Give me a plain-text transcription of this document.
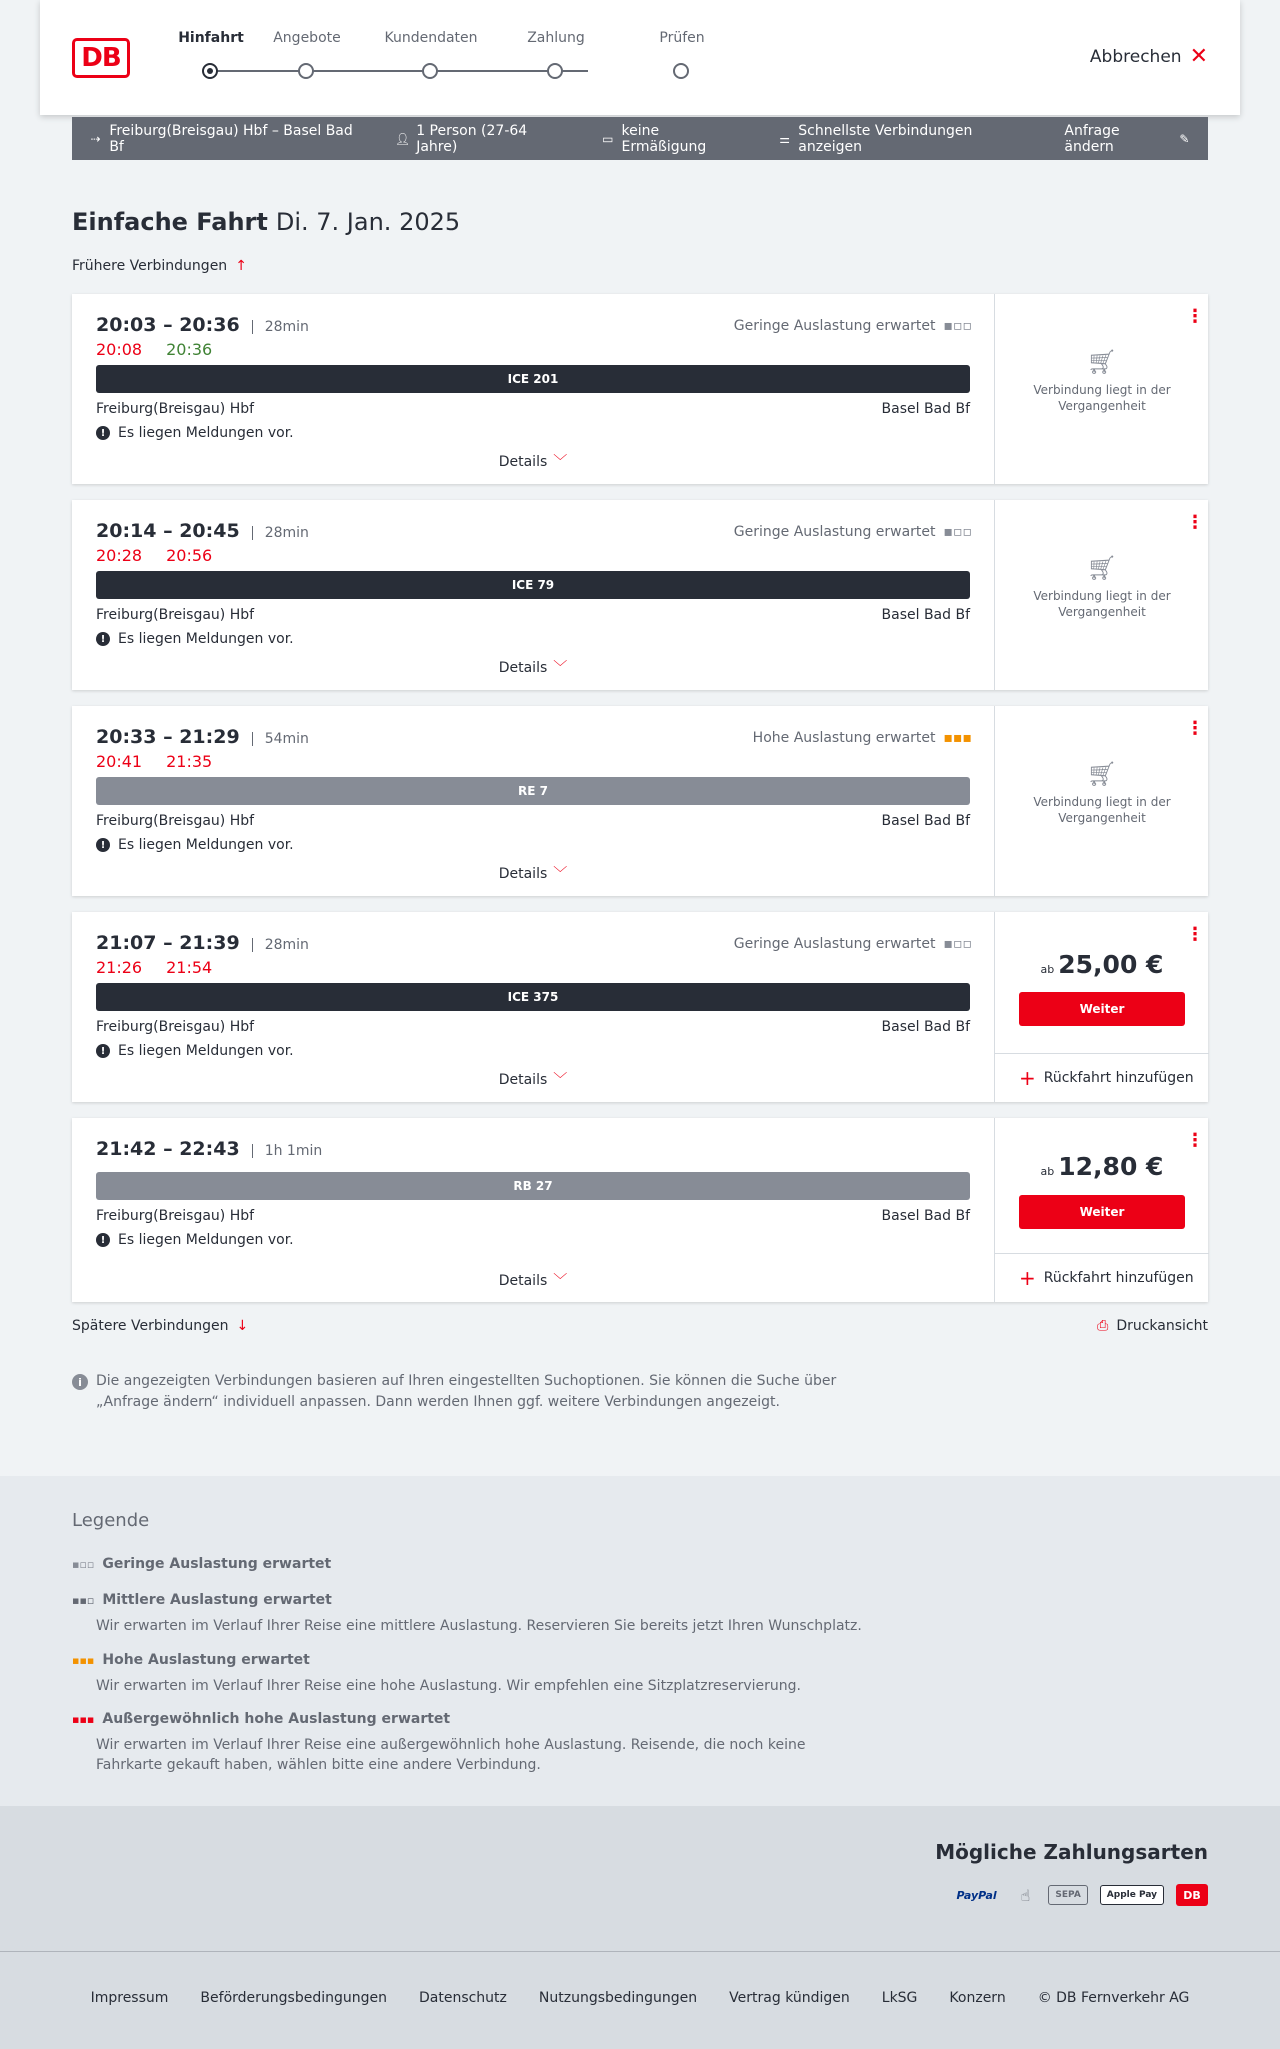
DB
Hinfahrt	Angebote	Kundendaten	Zahlung	Prüfen
Abbrechen ✕
⇢ Freiburg(Breisgau) Hbf – Basel Bad Bf	👤︎ 1 Person (27-64 Jahre)	▭ keine Ermäßigung	⚌ Schnellste Verbindungen anzeigen
Anfrage ändern	✎
Einfache Fahrt Di. 7. Jan. 2025
Frühere Verbindungen ↑
20:03 – 20:36	28min
20:08 20:36
Geringe Auslastung erwartet ▪▫▫
ICE 201
Freiburg(Breisgau) Hbf	Basel Bad Bf
! Es liegen Meldungen vor.
Details ﹀
⋮
🛒︎
Verbindung liegt in der Vergangenheit
20:14 – 20:45	28min
20:28 20:56
Geringe Auslastung erwartet ▪▫▫
ICE 79
Freiburg(Breisgau) Hbf	Basel Bad Bf
! Es liegen Meldungen vor.
Details ﹀
⋮
🛒︎
Verbindung liegt in der Vergangenheit
20:33 – 21:29	54min
20:41 21:35
Hohe Auslastung erwartet ▪▪▪
RE 7
Freiburg(Breisgau) Hbf	Basel Bad Bf
! Es liegen Meldungen vor.
Details ﹀
⋮
🛒︎
Verbindung liegt in der Vergangenheit
21:07 – 21:39	28min
21:26 21:54
Geringe Auslastung erwartet ▪▫▫
ICE 375
Freiburg(Breisgau) Hbf	Basel Bad Bf
! Es liegen Meldungen vor.
Details ﹀
⋮
ab 25,00 €
Weiter
+ Rückfahrt hinzufügen
21:42 – 22:43	1h 1min
RB 27
Freiburg(Breisgau) Hbf	Basel Bad Bf
! Es liegen Meldungen vor.
Details ﹀
⋮
ab 12,80 €
Weiter
+ Rückfahrt hinzufügen
Spätere Verbindungen ↓	⎙ Druckansicht
i	Die angezeigten Verbindungen basieren auf Ihren eingestellten Suchoptionen. Sie können die Suche über „Anfrage ändern“ individuell anpassen. Dann werden Ihnen ggf. weitere Verbindungen angezeigt.
Legende
▪▫▫ Geringe Auslastung erwartet
▪▪▫ Mittlere Auslastung erwartet
Wir erwarten im Verlauf Ihrer Reise eine mittlere Auslastung. Reservieren Sie bereits jetzt Ihren Wunschplatz.
▪▪▪ Hohe Auslastung erwartet
Wir erwarten im Verlauf Ihrer Reise eine hohe Auslastung. Wir empfehlen eine Sitzplatzreservierung.
▪▪▪ Außergewöhnlich hohe Auslastung erwartet
Wir erwarten im Verlauf Ihrer Reise eine außergewöhnlich hohe Auslastung. Reisende, die noch keine Fahrkarte gekauft haben, wählen bitte eine andere Verbindung.
Mögliche Zahlungsarten
PayPal	☝	SEPA	Apple Pay	DB
Impressum Beförderungsbedingungen Datenschutz Nutzungsbedingungen Vertrag kündigen LkSG Konzern © DB Fernverkehr AG
